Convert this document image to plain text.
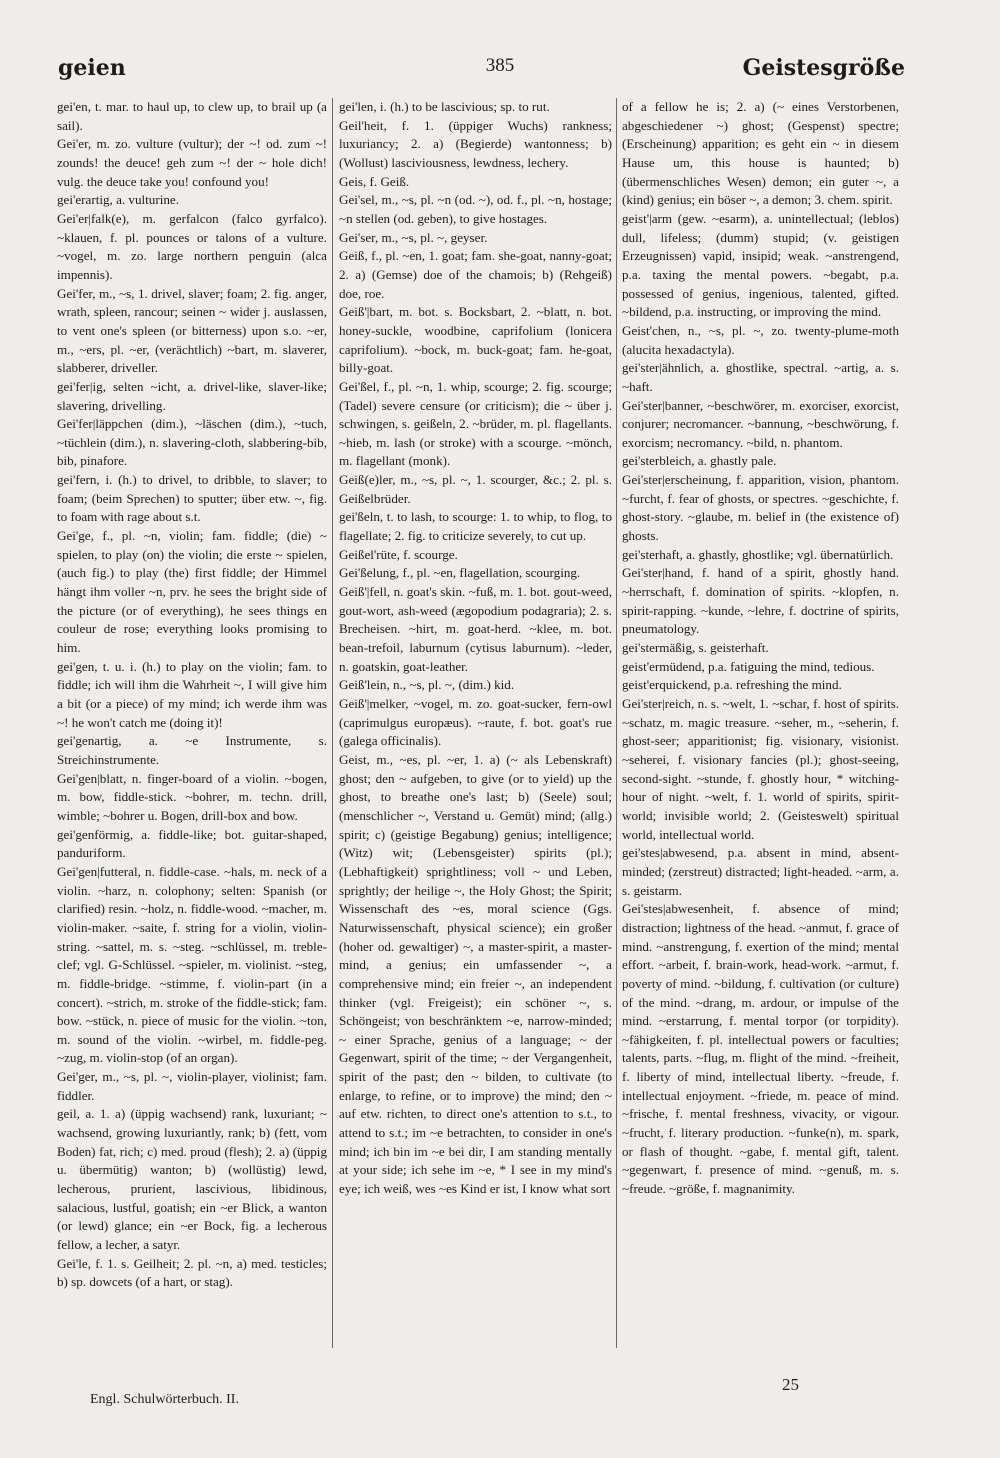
geien	385	Geistesgröße

gei'en, t. mar. to haul up, to clew up, to brail up (a sail).

Gei'er, m. zo. vulture (vultur); der ~! od. zum ~! zounds! the deuce! geh zum ~! der ~ hole dich! vulg. the deuce take you! confound you!

gei'erartig, a. vulturine.

Gei'er|falk(e), m. gerfalcon (falco gyrfalco). ~klauen, f. pl. pounces or talons of a vulture. ~vogel, m. zo. large northern penguin (alca impennis).

Gei'fer, m., ~s, 1. drivel, slaver; foam; 2. fig. anger, wrath, spleen, rancour; seinen ~ wider j. auslassen, to vent one's spleen (or bitterness) upon s.o. ~er, m., ~ers, pl. ~er, (verächtlich) ~bart, m. slaverer, slabberer, driveller.

gei'fer|ig, selten ~icht, a. drivel-like, slaver-like; slavering, drivelling.

Gei'fer|läppchen (dim.), ~läschen (dim.), ~tuch, ~tüchlein (dim.), n. slavering-cloth, slabbering-bib, bib, pinafore.

gei'fern, i. (h.) to drivel, to dribble, to slaver; to foam; (beim Sprechen) to sputter; über etw. ~, fig. to foam with rage about s.t.

Gei'ge, f., pl. ~n, violin; fam. fiddle; (die) ~ spielen, to play (on) the violin; die erste ~ spielen, (auch fig.) to play (the) first fiddle; der Himmel hängt ihm voller ~n, prv. he sees the bright side of the picture (or of everything), he sees things en couleur de rose; everything looks promising to him.

gei'gen, t. u. i. (h.) to play on the violin; fam. to fiddle; ich will ihm die Wahrheit ~, I will give him a bit (or a piece) of my mind; ich werde ihm was ~! he won't catch me (doing it)!

gei'genartig, a. ~e Instrumente, s. Streichinstrumente.

Gei'gen|blatt, n. finger-board of a violin. ~bogen, m. bow, fiddle-stick. ~bohrer, m. techn. drill, wimble; ~bohrer u. Bogen, drill-box and bow.

gei'genförmig, a. fiddle-like; bot. guitar-shaped, panduriform.

Gei'gen|futteral, n. fiddle-case. ~hals, m. neck of a violin. ~harz, n. colophony; selten: Spanish (or clarified) resin. ~holz, n. fiddle-wood. ~macher, m. violin-maker. ~saite, f. string for a violin, violin-string. ~sattel, m. s. ~steg. ~schlüssel, m. treble-clef; vgl. G-Schlüssel. ~spieler, m. violinist. ~steg, m. fiddle-bridge. ~stimme, f. violin-part (in a concert). ~strich, m. stroke of the fiddle-stick; fam. bow. ~stück, n. piece of music for the violin. ~ton, m. sound of the violin. ~wirbel, m. fiddle-peg. ~zug, m. violin-stop (of an organ).

Gei'ger, m., ~s, pl. ~, violin-player, violinist; fam. fiddler.

geil, a. 1. a) (üppig wachsend) rank, luxuriant; ~ wachsend, growing luxuriantly, rank; b) (fett, vom Boden) fat, rich; c) med. proud (flesh); 2. a) (üppig u. übermütig) wanton; b) (wollüstig) lewd, lecherous, prurient, lascivious, libidinous, salacious, lustful, goatish; ein ~er Blick, a wanton (or lewd) glance; ein ~er Bock, fig. a lecherous fellow, a lecher, a satyr.

Gei'le, f. 1. s. Geilheit; 2. pl. ~n, a) med. testicles; b) sp. dowcets (of a hart, or stag).

gei'len, i. (h.) to be lascivious; sp. to rut.

Geil'heit, f. 1. (üppiger Wuchs) rankness; luxuriancy; 2. a) (Begierde) wantonness; b) (Wollust) lasciviousness, lewdness, lechery.

Geis, f. Geiß.

Gei'sel, m., ~s, pl. ~n (od. ~), od. f., pl. ~n, hostage; ~n stellen (od. geben), to give hostages.

Gei'ser, m., ~s, pl. ~, geyser.

Geiß, f., pl. ~en, 1. goat; fam. she-goat, nanny-goat; 2. a) (Gemse) doe of the chamois; b) (Rehgeiß) doe, roe.

Geiß'|bart, m. bot. s. Bocksbart, 2. ~blatt, n. bot. honey-suckle, woodbine, caprifolium (lonicera caprifolium). ~bock, m. buck-goat; fam. he-goat, billy-goat.

Gei'ßel, f., pl. ~n, 1. whip, scourge; 2. fig. scourge; (Tadel) severe censure (or criticism); die ~ über j. schwingen, s. geißeln, 2. ~brüder, m. pl. flagellants. ~hieb, m. lash (or stroke) with a scourge. ~mönch, m. flagellant (monk).

Geiß(e)ler, m., ~s, pl. ~, 1. scourger, &c.; 2. pl. s. Geißelbrüder.

gei'ßeln, t. to lash, to scourge: 1. to whip, to flog, to flagellate; 2. fig. to criticize severely, to cut up.

Geißel'rüte, f. scourge.

Gei'ßelung, f., pl. ~en, flagellation, scourging.

Geiß'|fell, n. goat's skin. ~fuß, m. 1. bot. gout-weed, gout-wort, ash-weed (ægopodium podagraria); 2. s. Brecheisen. ~hirt, m. goat-herd. ~klee, m. bot. bean-trefoil, laburnum (cytisus laburnum). ~leder, n. goatskin, goat-leather.

Geiß'lein, n., ~s, pl. ~, (dim.) kid.

Geiß'|melker, ~vogel, m. zo. goat-sucker, fern-owl (caprimulgus europæus). ~raute, f. bot. goat's rue (galega officinalis).

Geist, m., ~es, pl. ~er, 1. a) (~ als Lebenskraft) ghost; den ~ aufgeben, to give (or to yield) up the ghost, to breathe one's last; b) (Seele) soul; (menschlicher ~, Verstand u. Gemüt) mind; (allg.) spirit; c) (geistige Begabung) genius; intelligence; (Witz) wit; (Lebensgeister) spirits (pl.); (Lebhaftigkeit) sprightliness; voll ~ und Leben, sprightly; der heilige ~, the Holy Ghost; the Spirit; Wissenschaft des ~es, moral science (Ggs. Naturwissenschaft, physical science); ein großer (hoher od. gewaltiger) ~, a master-spirit, a master-mind, a genius; ein umfassender ~, a comprehensive mind; ein freier ~, an independent thinker (vgl. Freigeist); ein schöner ~, s. Schöngeist; von beschränktem ~e, narrow-minded; ~ einer Sprache, genius of a language; ~ der Gegenwart, spirit of the time; ~ der Vergangenheit, spirit of the past; den ~ bilden, to cultivate (to enlarge, to refine, or to improve) the mind; den ~ auf etw. richten, to direct one's attention to s.t., to attend to s.t.; im ~e betrachten, to consider in one's mind; ich bin im ~e bei dir, I am standing mentally at your side; ich sehe im ~e, * I see in my mind's eye; ich weiß, wes ~es Kind er ist, I know what sort

of a fellow he is; 2. a) (~ eines Verstorbenen, abgeschiedener ~) ghost; (Gespenst) spectre; (Erscheinung) apparition; es geht ein ~ in diesem Hause um, this house is haunted; b) (übermenschliches Wesen) demon; ein guter ~, a (kind) genius; ein böser ~, a demon; 3. chem. spirit.

geist'|arm (gew. ~esarm), a. unintellectual; (leblos) dull, lifeless; (dumm) stupid; (v. geistigen Erzeugnissen) vapid, insipid; weak. ~anstrengend, p.a. taxing the mental powers. ~begabt, p.a. possessed of genius, ingenious, talented, gifted. ~bildend, p.a. instructing, or improving the mind.

Geist'chen, n., ~s, pl. ~, zo. twenty-plume-moth (alucita hexadactyla).

gei'ster|ähnlich, a. ghostlike, spectral. ~artig, a. s. ~haft.

Gei'ster|banner, ~beschwörer, m. exorciser, exorcist, conjurer; necromancer. ~bannung, ~beschwörung, f. exorcism; necromancy. ~bild, n. phantom.

gei'sterbleich, a. ghastly pale.

Gei'ster|erscheinung, f. apparition, vision, phantom. ~furcht, f. fear of ghosts, or spectres. ~geschichte, f. ghost-story. ~glaube, m. belief in (the existence of) ghosts.

gei'sterhaft, a. ghastly, ghostlike; vgl. übernatürlich.

Gei'ster|hand, f. hand of a spirit, ghostly hand. ~herrschaft, f. domination of spirits. ~klopfen, n. spirit-rapping. ~kunde, ~lehre, f. doctrine of spirits, pneumatology.

gei'stermäßig, s. geisterhaft.

geist'ermüdend, p.a. fatiguing the mind, tedious.

geist'erquickend, p.a. refreshing the mind.

Gei'ster|reich, n. s. ~welt, 1. ~schar, f. host of spirits. ~schatz, m. magic treasure. ~seher, m., ~seherin, f. ghost-seer; apparitionist; fig. visionary, visionist. ~seherei, f. visionary fancies (pl.); ghost-seeing, second-sight. ~stunde, f. ghostly hour, * witching-hour of night. ~welt, f. 1. world of spirits, spirit-world; invisible world; 2. (Geisteswelt) spiritual world, intellectual world.

gei'stes|abwesend, p.a. absent in mind, absent-minded; (zerstreut) distracted; light-headed. ~arm, a. s. geistarm.

Gei'stes|abwesenheit, f. absence of mind; distraction; lightness of the head. ~anmut, f. grace of mind. ~anstrengung, f. exertion of the mind; mental effort. ~arbeit, f. brain-work, head-work. ~armut, f. poverty of mind. ~bildung, f. cultivation (or culture) of the mind. ~drang, m. ardour, or impulse of the mind. ~erstarrung, f. mental torpor (or torpidity). ~fähigkeiten, f. pl. intellectual powers or faculties; talents, parts. ~flug, m. flight of the mind. ~freiheit, f. liberty of mind, intellectual liberty. ~freude, f. intellectual enjoyment. ~friede, m. peace of mind. ~frische, f. mental freshness, vivacity, or vigour. ~frucht, f. literary production. ~funke(n), m. spark, or flash of thought. ~gabe, f. mental gift, talent. ~gegenwart, f. presence of mind. ~genuß, m. s. ~freude. ~größe, f. magnanimity.

Engl. Schulwörterbuch. II.
25
